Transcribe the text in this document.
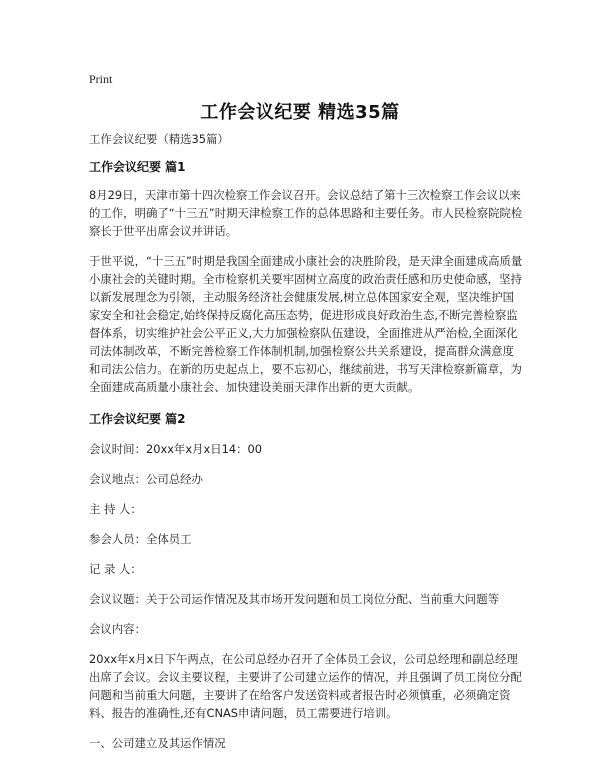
Print
工作会议纪要 精选35篇

工作会议纪要（精选35篇）

工作会议纪要 篇1

8月29日，天津市第十四次检察工作会议召开。会议总结了第十三次检察工作会议以来的工作，明确了“十三五”时期天津检察工作的总体思路和主要任务。市人民检察院院检察长于世平出席会议并讲话。

于世平说，“十三五”时期是我国全面建成小康社会的决胜阶段，是天津全面建成高质量小康社会的关键时期。全市检察机关要牢固树立高度的政治责任感和历史使命感，坚持以新发展理念为引领，主动服务经济社会健康发展,树立总体国家安全观，坚决维护国家安全和社会稳定,始终保持反腐化高压态势，促进形成良好政治生态,不断完善检察监督体系，切实维护社会公平正义,大力加强检察队伍建设，全面推进从严治检,全面深化司法体制改革，不断完善检察工作体制机制,加强检察公共关系建设，提高群众满意度和司法公信力。在新的历史起点上，要不忘初心，继续前进，书写天津检察新篇章，为全面建成高质量小康社会、加快建设美丽天津作出新的更大贡献。

工作会议纪要 篇2

会议时间：20xx年x月x日14：00

会议地点：公司总经办

主 持 人：

参会人员：全体员工

记 录 人：

会议议题：关于公司运作情况及其市场开发问题和员工岗位分配、当前重大问题等

会议内容：

20xx年x月x日下午两点，在公司总经办召开了全体员工会议，公司总经理和副总经理出席了会议。会议主要议程，主要讲了公司建立运作的情况，并且强调了员工岗位分配问题和当前重大问题，主要讲了在给客户发送资料或者报告时必须慎重，必须确定资料、报告的准确性,还有CNAS申请问题，员工需要进行培训。

一、公司建立及其运作情况
